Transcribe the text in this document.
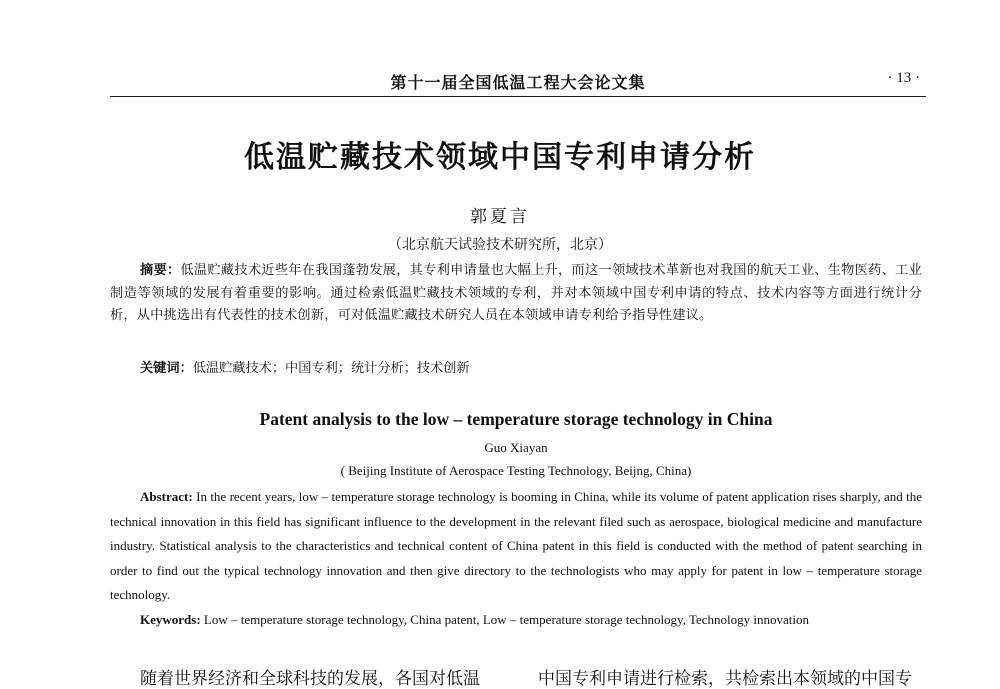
第十一届全国低温工程大会论文集	· 13 ·
低温贮藏技术领域中国专利申请分析
郭夏言
（北京航天试验技术研究所，北京）
摘要：低温贮藏技术近些年在我国蓬勃发展，其专利申请量也大幅上升，而这一领域技术革新也对我国的航天工业、生物医药、工业制造等领域的发展有着重要的影响。通过检索低温贮藏技术领域的专利，并对本领域中国专利申请的特点、技术内容等方面进行统计分析，从中挑选出有代表性的技术创新，可对低温贮藏技术研究人员在本领域申请专利给予指导性建议。
关键词：低温贮藏技术；中国专利；统计分析；技术创新
Patent analysis to the low – temperature storage technology in China
Guo Xiayan
( Beijing Institute of Aerospace Testing Technology, Beijng, China)
Abstract: In the recent years, low – temperature storage technology is booming in China, while its volume of patent application rises sharply, and the technical innovation in this field has significant influence to the development in the relevant filed such as aerospace, biological medicine and manufacture industry. Statistical analysis to the characteristics and technical content of China patent in this field is conducted with the method of patent searching in order to find out the typical technology innovation and then give directory to the technologists who may apply for patent in low – temperature storage technology.
Keywords: Low – temperature storage technology, China patent, Low – temperature storage technology, Technology innovation
随着世界经济和全球科技的发展，各国对低温	中国专利申请进行检索，共检索出本领域的中国专
